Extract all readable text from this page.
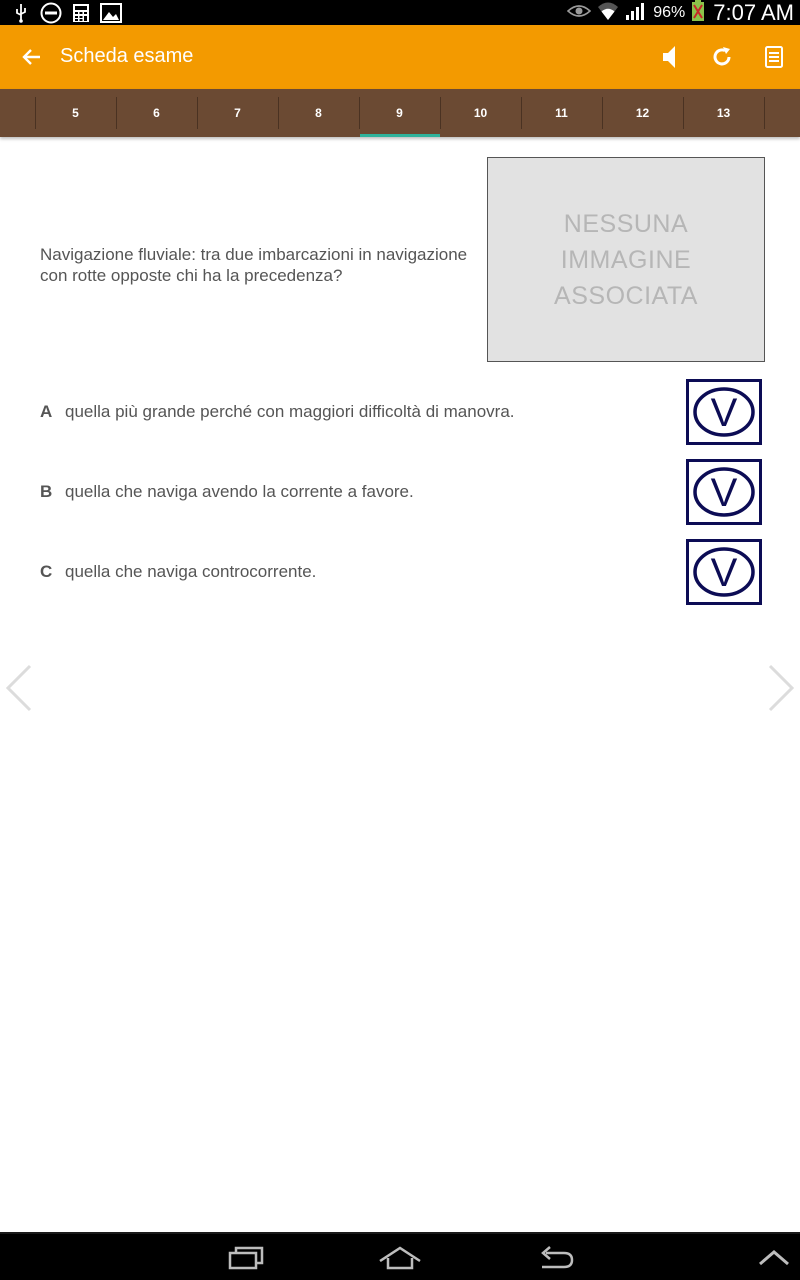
96% 7:07 AM
Scheda esame
5	6	7	8	9	10	11	12	13
Navigazione fluviale: tra due imbarcazioni in navigazione con rotte opposte chi ha la precedenza?
NESSUNA
IMMAGINE
ASSOCIATA
A quella più grande perché con maggiori difficoltà di manovra.	V
B quella che naviga avendo la corrente a favore.	V
C quella che naviga controcorrente.	V
